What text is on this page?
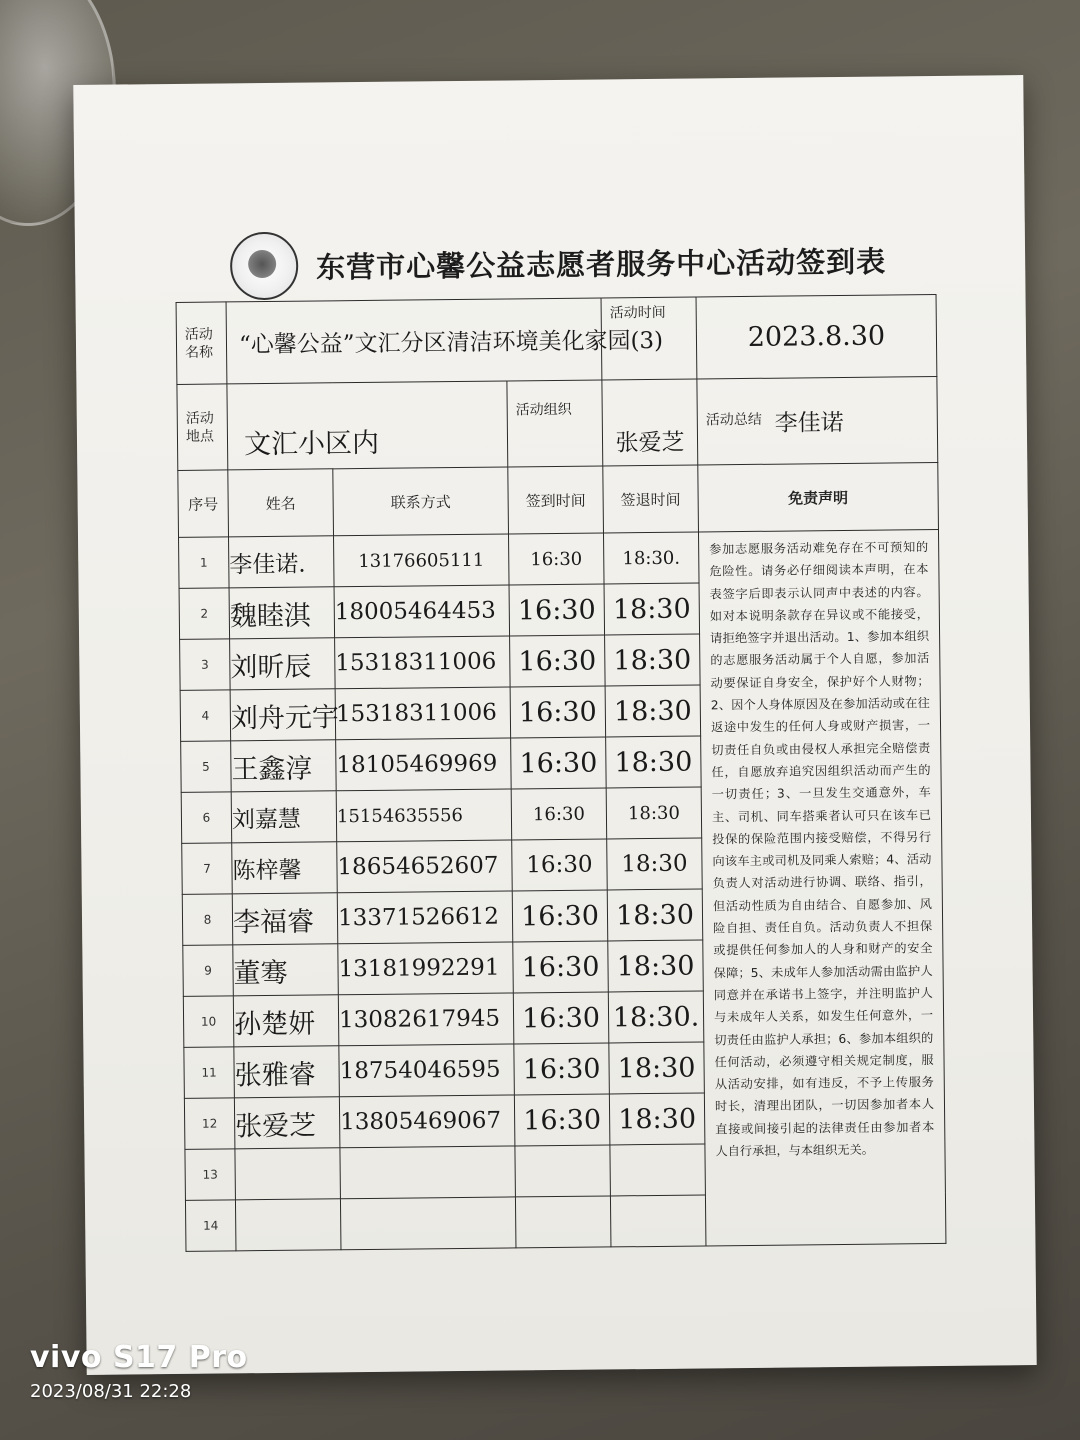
东营市心馨公益志愿者服务中心活动签到表
活动
名称	“心馨公益”文汇分区清洁环境美化家园(3)			活动时间	2023.8.30
活动
地点	文汇小区内		活动组织	张爱芝	活动总结 李佳诺
序号	姓名	联系方式	签到时间	签退时间	免责声明
1	李佳诺.	13176605111	16:30	18:30.	参加志愿服务活动难免存在不可预知的危险性。请务必仔细阅读本声明，在本表签字后即表示认同声中表述的内容。如对本说明条款存在异议或不能接受，请拒绝签字并退出活动。1、参加本组织的志愿服务活动属于个人自愿，参加活动要保证自身安全，保护好个人财物；2、因个人身体原因及在参加活动或在往返途中发生的任何人身或财产损害，一切责任自负或由侵权人承担完全赔偿责任，自愿放弃追究因组织活动而产生的一切责任；3、一旦发生交通意外，车主、司机、同车搭乘者认可只在该车已投保的保险范围内接受赔偿，不得另行向该车主或司机及同乘人索赔；4、活动负责人对活动进行协调、联络、指引，但活动性质为自由结合、自愿参加、风险自担、责任自负。活动负责人不担保或提供任何参加人的人身和财产的安全保障；5、未成年人参加活动需由监护人同意并在承诺书上签字，并注明监护人与未成年人关系，如发生任何意外，一切责任由监护人承担；6、参加本组织的任何活动，必须遵守相关规定制度，服从活动安排，如有违反，不予上传服务时长，清理出团队，一切因参加者本人直接或间接引起的法律责任由参加者本人自行承担，与本组织无关。
2	魏睦淇	18005464453	16:30	18:30	
3	刘昕辰	15318311006	16:30	18:30	
4	刘舟元宇	15318311006	16:30	18:30	
5	王鑫淳	18105469969	16:30	18:30	
6	刘嘉慧	15154635556	16:30	18:30	
7	陈梓馨	18654652607	16:30	18:30	
8	李福睿	13371526612	16:30	18:30	
9	董骞	13181992291	16:30	18:30	
10	孙楚妍	13082617945	16:30	18:30.	
11	张雅睿	18754046595	16:30	18:30	
12	张爱芝	13805469067	16:30	18:30	
13					
14					
vivo S17 Pro
2023/08/31 22:28
